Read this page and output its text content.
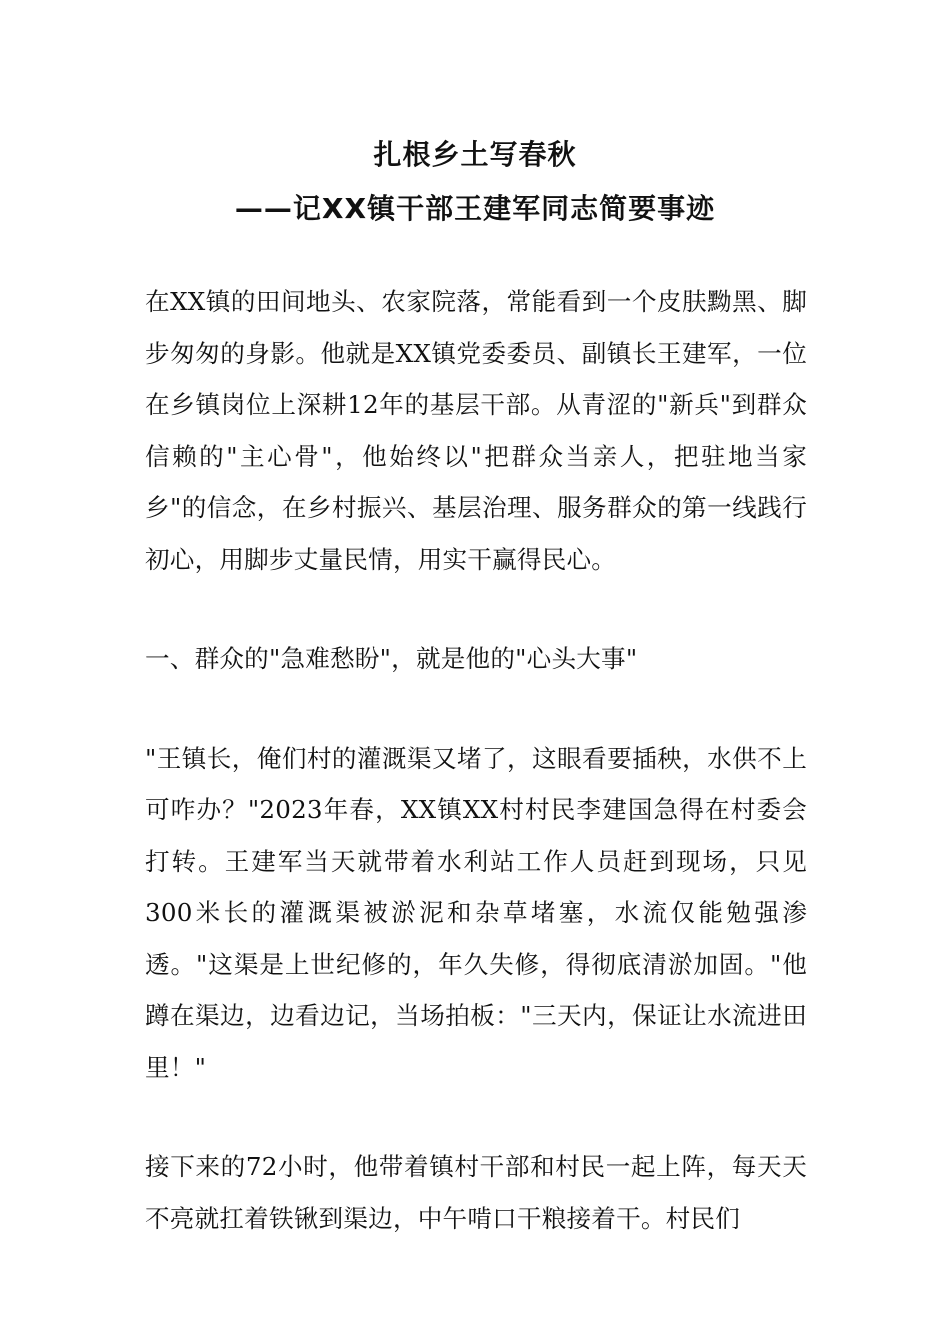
扎根乡土写春秋
——记XX镇干部王建军同志简要事迹

在XX镇的田间地头、农家院落，常能看到一个皮肤黝黑、脚步匆匆的身影。他就是XX镇党委委员、副镇长王建军，一位在乡镇岗位上深耕12年的基层干部。从青涩的"新兵"到群众信赖的"主心骨"，他始终以"把群众当亲人，把驻地当家乡"的信念，在乡村振兴、基层治理、服务群众的第一线践行初心，用脚步丈量民情，用实干赢得民心。

一、群众的"急难愁盼"，就是他的"心头大事"

"王镇长，俺们村的灌溉渠又堵了，这眼看要插秧，水供不上可咋办？"2023年春，XX镇XX村村民李建国急得在村委会打转。王建军当天就带着水利站工作人员赶到现场，只见300米长的灌溉渠被淤泥和杂草堵塞，水流仅能勉强渗透。"这渠是上世纪修的，年久失修，得彻底清淤加固。"他蹲在渠边，边看边记，当场拍板："三天内，保证让水流进田里！"

接下来的72小时，他带着镇村干部和村民一起上阵，每天天不亮就扛着铁锹到渠边，中午啃口干粮接着干。村民们
